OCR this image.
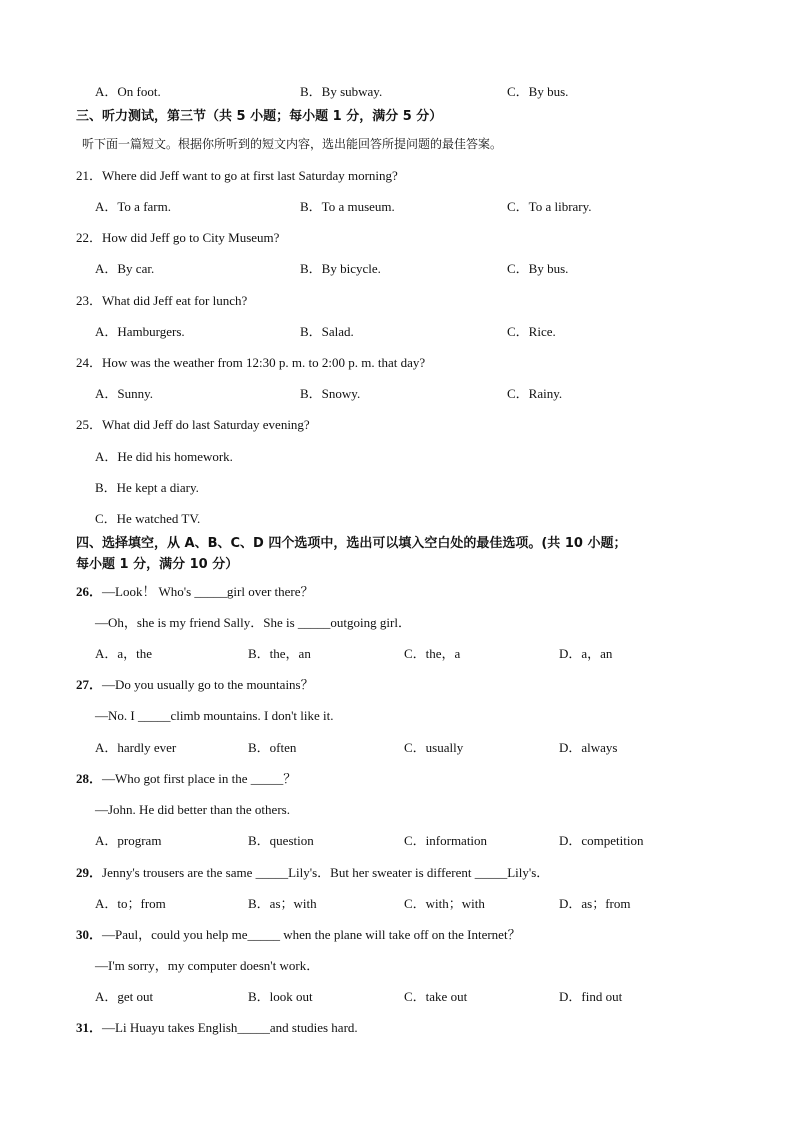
A．On foot.	B．By subway.	C．By bus.
三、听力测试，第三节（共 5 小题；每小题 1 分，满分 5 分）
听下面一篇短文。根据你所听到的短文内容，选出能回答所提问题的最佳答案。
21．Where did Jeff want to go at first last Saturday morning?
A．To a farm.	B．To a museum.	C．To a library.
22．How did Jeff go to City Museum?
A．By car.	B．By bicycle.	C．By bus.
23．What did Jeff eat for lunch?
A．Hamburgers.	B．Salad.	C．Rice.
24．How was the weather from 12:30 p. m. to 2:00 p. m. that day?
A．Sunny.	B．Snowy.	C．Rainy.
25．What did Jeff do last Saturday evening?
A．He did his homework.
B．He kept a diary.
C．He watched TV.
四、选择填空，从 A、B、C、D 四个选项中，选出可以填入空白处的最佳选项。(共 10 小题；
每小题 1 分，满分 10 分）
26．—Look！ Who's _____girl over there？
—Oh，she is my friend Sally．She is _____outgoing girl．
A．a，the	B．the，an	C．the，a	D．a，an
27．—Do you usually go to the mountains？
—No. I _____climb mountains. I don't like it.
A．hardly ever	B．often	C．usually	D．always
28．—Who got first place in the _____？
—John. He did better than the others.
A．program	B．question	C．information	D．competition
29．Jenny's trousers are the same _____Lily's．But her sweater is different _____Lily's．
A．to；from	B．as；with	C．with；with	D．as；from
30．—Paul，could you help me_____ when the plane will take off on the Internet？
—I'm sorry，my computer doesn't work．
A．get out	B．look out	C．take out	D．find out
31．—Li Huayu takes English_____and studies hard.
